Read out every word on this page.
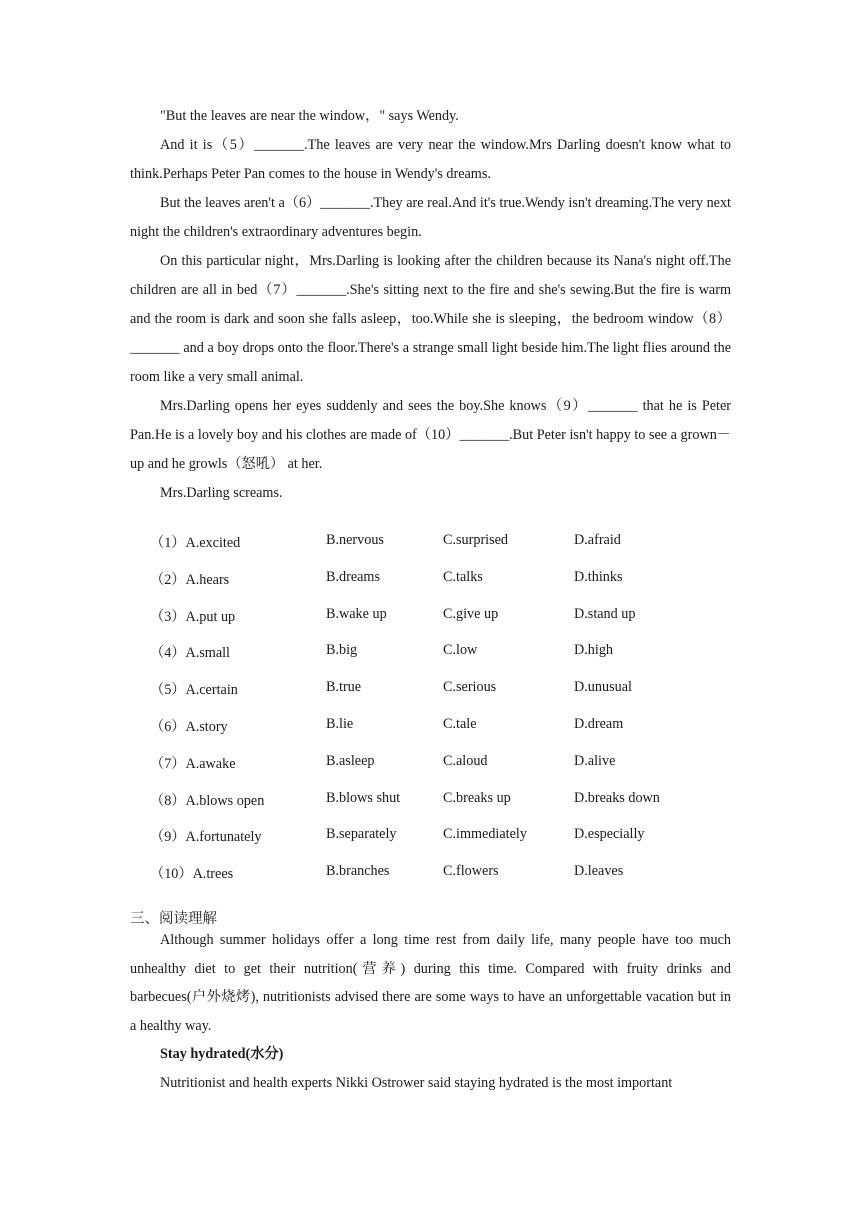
"But the leaves are near the window，" says Wendy.

And it is（5）_______.The leaves are very near the window.Mrs Darling doesn't know what to think.Perhaps Peter Pan comes to the house in Wendy's dreams.

But the leaves aren't a（6）_______.They are real.And it's true.Wendy isn't dreaming.The very next night the children's extraordinary adventures begin.

On this particular night，Mrs.Darling is looking after the children because its Nana's night off.The children are all in bed（7）_______.She's sitting next to the fire and she's sewing.But the fire is warm and the room is dark and soon she falls asleep，too.While she is sleeping，the bedroom window（8）_______ and a boy drops onto the floor.There's a strange small light beside him.The light flies around the room like a very small animal.

Mrs.Darling opens her eyes suddenly and sees the boy.She knows（9）_______ that he is Peter Pan.He is a lovely boy and his clothes are made of（10）_______.But Peter isn't happy to see a grown－up and he growls（怒吼） at her.

Mrs.Darling screams.

（1）A.excited	B.nervous	C.surprised	D.afraid
（2）A.hears	B.dreams	C.talks	D.thinks
（3）A.put up	B.wake up	C.give up	D.stand up
（4）A.small	B.big	C.low	D.high
（5）A.certain	B.true	C.serious	D.unusual
（6）A.story	B.lie	C.tale	D.dream
（7）A.awake	B.asleep	C.aloud	D.alive
（8）A.blows open	B.blows shut	C.breaks up	D.breaks down
（9）A.fortunately	B.separately	C.immediately	D.especially
（10）A.trees	B.branches	C.flowers	D.leaves
三、阅读理解

Although summer holidays offer a long time rest from daily life, many people have too much unhealthy diet to get their nutrition(营养) during this time. Compared with fruity drinks and barbecues(户外烧烤), nutritionists advised there are some ways to have an unforgettable vacation but in a healthy way.

Stay hydrated(水分)

Nutritionist and health experts Nikki Ostrower said staying hydrated is the most important
